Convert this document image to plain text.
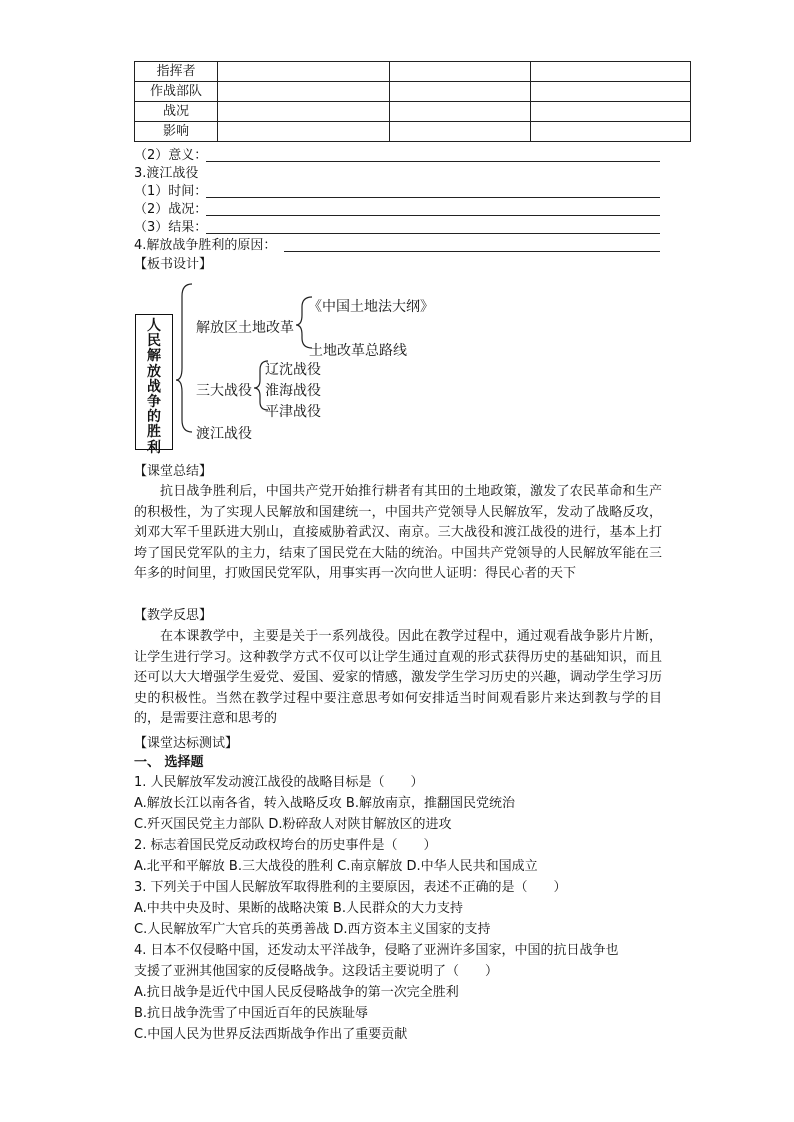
指挥者			
作战部队			
战况			
影响			
（2）意义：
3.渡江战役
（1）时间：
（2）战况：
（3）结果：
4.解放战争胜利的原因：
【板书设计】
人民解放战争的胜利
解放区土地改革
《中国土地法大纲》
土地改革总路线
三大战役
辽沈战役
淮海战役
平津战役
渡江战役
【课堂总结】
抗日战争胜利后，中国共产党开始推行耕者有其田的土地政策，激发了农民革命和生产的积极性，为了实现人民解放和国建统一，中国共产党领导人民解放军，发动了战略反攻，刘邓大军千里跃进大别山，直接威胁着武汉、南京。三大战役和渡江战役的进行，基本上打垮了国民党军队的主力，结束了国民党在大陆的统治。中国共产党领导的人民解放军能在三年多的时间里，打败国民党军队，用事实再一次向世人证明：得民心者的天下
【教学反思】
在本课教学中，主要是关于一系列战役。因此在教学过程中，通过观看战争影片片断，让学生进行学习。这种教学方式不仅可以让学生通过直观的形式获得历史的基础知识，而且还可以大大增强学生爱党、爱国、爱家的情感，激发学生学习历史的兴趣，调动学生学习历史的积极性。当然在教学过程中要注意思考如何安排适当时间观看影片来达到教与学的目的，是需要注意和思考的
【课堂达标测试】
一、 选择题
1. 人民解放军发动渡江战役的战略目标是（　　）
A.解放长江以南各省，转入战略反攻 B.解放南京，推翻国民党统治
C.歼灭国民党主力部队 D.粉碎敌人对陕甘解放区的进攻
2. 标志着国民党反动政权垮台的历史事件是（　　）
A.北平和平解放 B.三大战役的胜利 C.南京解放 D.中华人民共和国成立
3. 下列关于中国人民解放军取得胜利的主要原因，表述不正确的是（　　）
A.中共中央及时、果断的战略决策 B.人民群众的大力支持
C.人民解放军广大官兵的英勇善战 D.西方资本主义国家的支持
4. 日本不仅侵略中国，还发动太平洋战争，侵略了亚洲许多国家，中国的抗日战争也
支援了亚洲其他国家的反侵略战争。这段话主要说明了（　　）
A.抗日战争是近代中国人民反侵略战争的第一次完全胜利
B.抗日战争洗雪了中国近百年的民族耻辱
C.中国人民为世界反法西斯战争作出了重要贡献
